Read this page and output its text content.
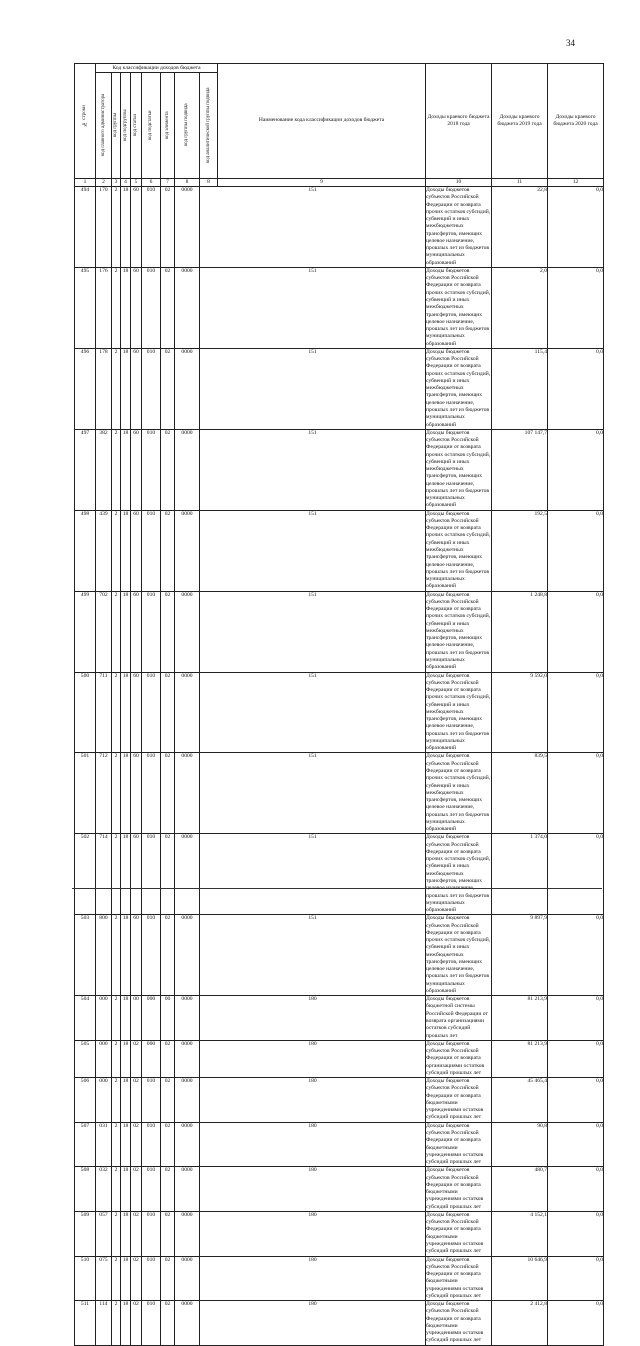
34
№ строки	Код классификации доходов бюджета								Наименование кода классификации доходов бюджета	Доходы краевого бюджета 2018 года	Доходы краевого бюджета 2019 года	Доходы краевого бюджета 2020 года	

	код главного администратора	код группы	код подгруппы	код статьи	код подстатьи	код элемента	код группы подвида	код аналитической группы подвида					

1	2	3	4	5	6	7	8	8	9	10	11	12	
494	170	2	18	60	010	02	0000	151		Доходы бюджетов субъектов Российской Федерации от возврата прочих остатков субсидий, субвенций и иных межбюджетных трансфертов, имеющих целевое назначение, прошлых лет из бюджетов муниципальных образований	22,8	0,0	
495	176	2	18	60	010	02	0000	151		Доходы бюджетов субъектов Российской Федерации от возврата прочих остатков субсидий, субвенций и иных межбюджетных трансфертов, имеющих целевое назначение, прошлых лет из бюджетов муниципальных образований	2,0	0,0	
496	178	2	18	60	010	02	0000	151		Доходы бюджетов субъектов Российской Федерации от возврата прочих остатков субсидий, субвенций и иных межбюджетных трансфертов, имеющих целевое назначение, прошлых лет из бюджетов муниципальных образований	115,4	0,0	
497	382	2	18	60	010	02	0000	151		Доходы бюджетов субъектов Российской Федерации от возврата прочих остатков субсидий, субвенций и иных межбюджетных трансфертов, имеющих целевое назначение, прошлых лет из бюджетов муниципальных образований	107 147,7	0,0	
498	439	2	18	60	010	02	0000	151		Доходы бюджетов субъектов Российской Федерации от возврата прочих остатков субсидий, субвенций и иных межбюджетных трансфертов, имеющих целевое назначение, прошлых лет из бюджетов муниципальных образований	192,5	0,0	
499	702	2	18	60	010	02	0000	151		Доходы бюджетов субъектов Российской Федерации от возврата прочих остатков субсидий, субвенций и иных межбюджетных трансфертов, имеющих целевое назначение, прошлых лет из бюджетов муниципальных образований	1 248,8	0,0	
500	711	2	18	60	010	02	0000	151		Доходы бюджетов субъектов Российской Федерации от возврата прочих остатков субсидий, субвенций и иных межбюджетных трансфертов, имеющих целевое назначение, прошлых лет из бюджетов муниципальных образований	9 592,0	0,0	
501	712	2	18	60	010	02	0000	151		Доходы бюджетов субъектов Российской Федерации от возврата прочих остатков субсидий, субвенций и иных межбюджетных трансфертов, имеющих целевое назначение, прошлых лет из бюджетов муниципальных образований	839,5	0,0	
502	714	2	18	60	010	02	0000	151		Доходы бюджетов субъектов Российской Федерации от возврата прочих остатков субсидий, субвенций и иных межбюджетных трансфертов, имеющих прошлых лет из бюджетов муниципальных образований	1 374,0	0,0	
503	800	2	18	60	010	02	0000	151		Доходы бюджетов субъектов Российской Федерации от возврата прочих остатков субсидий, субвенций и иных межбюджетных трансфертов, имеющих целевое назначение, прошлых лет из бюджетов муниципальных образований	9 897,9	0,0	
504	000	2	18	00	000	00	0000	180		Доходы бюджетов бюджетной системы Российской Федерации от возврата организациями остатков субсидий прошлых лет	81 213,9	0,0	
505	000	2	18	02	000	02	0000	180		Доходы бюджетов субъектов Российской Федерации от возврата организациями остатков субсидий прошлых лет	81 213,9	0,0	
506	000	2	18	02	010	02	0000	180		Доходы бюджетов субъектов Российской Федерации от возврата бюджетными учреждениями остатков субсидий прошлых лет	45 465,4	0,0	
507	031	2	18	02	010	02	0000	180		Доходы бюджетов субъектов Российской Федерации от возврата бюджетными учреждениями остатков субсидий прошлых лет	90,8	0,0	
508	032	2	18	02	010	02	0000	180		Доходы бюджетов субъектов Российской Федерации от возврата бюджетными учреждениями остатков субсидий прошлых лет	480,7	0,0	
509	057	2	18	02	010	02	0000	180		Доходы бюджетов субъектов Российской Федерации от возврата бюджетными учреждениями остатков субсидий прошлых лет	4 152,1	0,0	
510	075	2	18	02	010	02	0000	180		Доходы бюджетов субъектов Российской Федерации от возврата бюджетными учреждениями остатков субсидий прошлых лет	10 646,9	0,0	
511	114	2	18	02	010	02	0000	180		Доходы бюджетов субъектов Российской Федерации от возврата бюджетными учреждениями остатков субсидий прошлых лет	2 412,8	0,0	
